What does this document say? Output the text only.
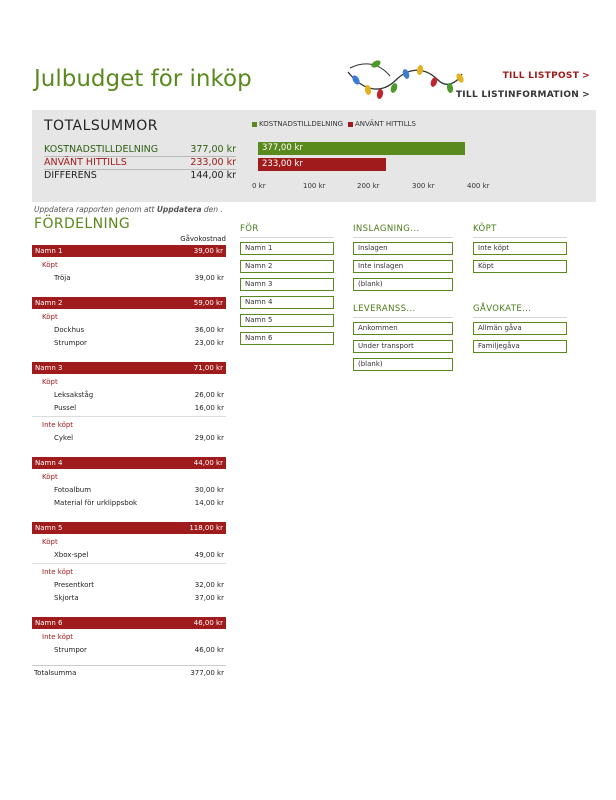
Julbudget för inköp	TILL LISTPOST >
TILL LISTINFORMATION >
TOTALSUMMOR
KOSTNADSTILLDELNING	377,00 kr
ANVÄNT HITTILLS	233,00 kr
DIFFERENS	144,00 kr
KOSTNADSTILLDELNING	ANVÄNT HITTILLS
377,00 kr
233,00 kr
0 kr	100 kr	200 kr	300 kr	400 kr
Uppdatera rapporten genom att Uppdatera den .
FÖRDELNING
Gåvokostnad
Namn 1	39,00 kr
Köpt
Tröja	39,00 kr
Namn 2	59,00 kr
Köpt
Dockhus	36,00 kr
Strumpor	23,00 kr
Namn 3	71,00 kr
Köpt
Leksakståg	26,00 kr
Pussel	16,00 kr
Inte köpt
Cykel	29,00 kr
Namn 4	44,00 kr
Köpt
Fotoalbum	30,00 kr
Material för urklippsbok	14,00 kr
Namn 5	118,00 kr
Köpt
Xbox-spel	49,00 kr
Inte köpt
Presentkort	32,00 kr
Skjorta	37,00 kr
Namn 6	46,00 kr
Inte köpt
Strumpor	46,00 kr
Totalsumma	377,00 kr
FÖR
Namn 1
Namn 2
Namn 3
Namn 4
Namn 5
Namn 6
INSLAGNING...
Inslagen
Inte inslagen
(blank)
KÖPT
Inte köpt
Köpt
LEVERANSS...
Ankommen
Under transport
(blank)
GÅVOKATE...
Allmän gåva
Familjegåva
